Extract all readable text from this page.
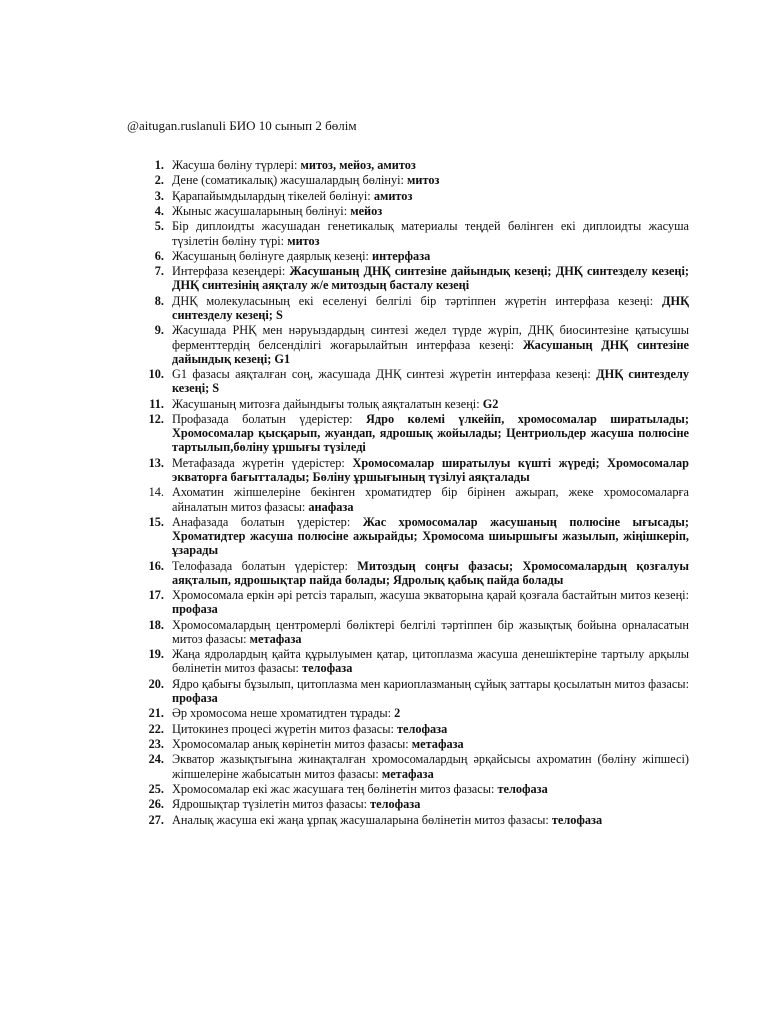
@aitugan.ruslanuli БИО 10 сынып 2 бөлім
1. Жасуша бөліну түрлері: митоз, мейоз, амитоз
2. Дене (соматикалық) жасушалардың бөлінуі: митоз
3. Қарапайымдылардың тікелей бөлінуі: амитоз
4. Жыныс жасушаларының бөлінуі: мейоз
5. Бір диплоидты жасушадан генетикалық материалы теңдей бөлінген екі диплоидты жасуша түзілетін бөліну түрі: митоз
6. Жасушаның бөлінуге даярлық кезеңі: интерфаза
7. Интерфаза кезеңдері: Жасушаның ДНҚ синтезіне дайындық кезеңі; ДНҚ синтезделу кезеңі; ДНҚ синтезінің аяқталу ж/е митоздың басталу кезеңі
8. ДНҚ молекуласының екі еселенуі белгілі бір тәртіппен жүретін интерфаза кезеңі: ДНҚ синтезделу кезеңі; S
9. Жасушада РНҚ мен нәруыздардың синтезі жедел түрде жүріп, ДНҚ биосинтезіне қатысушы ферменттердің белсенділігі жоғарылайтын интерфаза кезеңі: Жасушаның ДНҚ синтезіне дайындық кезеңі; G1
10. G1 фазасы аяқталған соң, жасушада ДНҚ синтезі жүретін интерфаза кезеңі: ДНҚ синтезделу кезеңі; S
11. Жасушаның митозға дайындығы толық аяқталатын кезеңі: G2
12. Профазада болатын үдерістер: Ядро көлемі үлкейіп, хромосомалар ширатылады; Хромосомалар қысқарып, жуандап, ядрошық жойылады; Центриольдер жасуша полюсіне тартылып,бөліну ұршығы түзіледі
13. Метафазада жүретін үдерістер: Хромосомалар ширатылуы күшті жүреді; Хромосомалар экваторға бағытталады; Бөліну ұршығының түзілуі аяқталады
14. Ахоматин жіпшелеріне бекінген хроматидтер бір бірінен ажырап, жеке хромосомаларға айналатын митоз фазасы: анафаза
15. Анафазада болатын үдерістер: Жас хромосомалар жасушаның полюсіне ығысады; Хроматидтер жасуша полюсіне ажырайды; Хромосома шиыршығы жазылып, жіңішкеріп, ұзарады
16. Телофазада болатын үдерістер: Митоздың соңғы фазасы; Хромосомалардың қозғалуы аяқталып, ядрошықтар пайда болады; Ядролық қабық пайда болады
17. Хромосомала еркін әрі ретсіз таралып, жасуша экваторына қарай қозғала бастайтын митоз кезеңі: профаза
18. Хромосомалардың центромерлі бөліктері белгілі тәртіппен бір жазықтық бойына орналасатын митоз фазасы: метафаза
19. Жаңа ядролардың қайта құрылуымен қатар, цитоплазма жасуша денешіктеріне тартылу арқылы бөлінетін митоз фазасы: телофаза
20. Ядро қабығы бұзылып, цитоплазма мен кариоплазманың сұйық заттары қосылатын митоз фазасы: профаза
21. Әр хромосома неше хроматидтен тұрады: 2
22. Цитокинез процесі жүретін митоз фазасы: телофаза
23. Хромосомалар анық көрінетін митоз фазасы: метафаза
24. Экватор жазықтығына жинақталған хромосомалардың әрқайсысы ахроматин (бөліну жіпшесі) жіпшелеріне жабысатын митоз фазасы: метафаза
25. Хромосомалар екі жас жасушаға тең бөлінетін митоз фазасы: телофаза
26. Ядрошықтар түзілетін митоз фазасы: телофаза
27. Аналық жасуша екі жаңа ұрпақ жасушаларына бөлінетін митоз фазасы: телофаза
